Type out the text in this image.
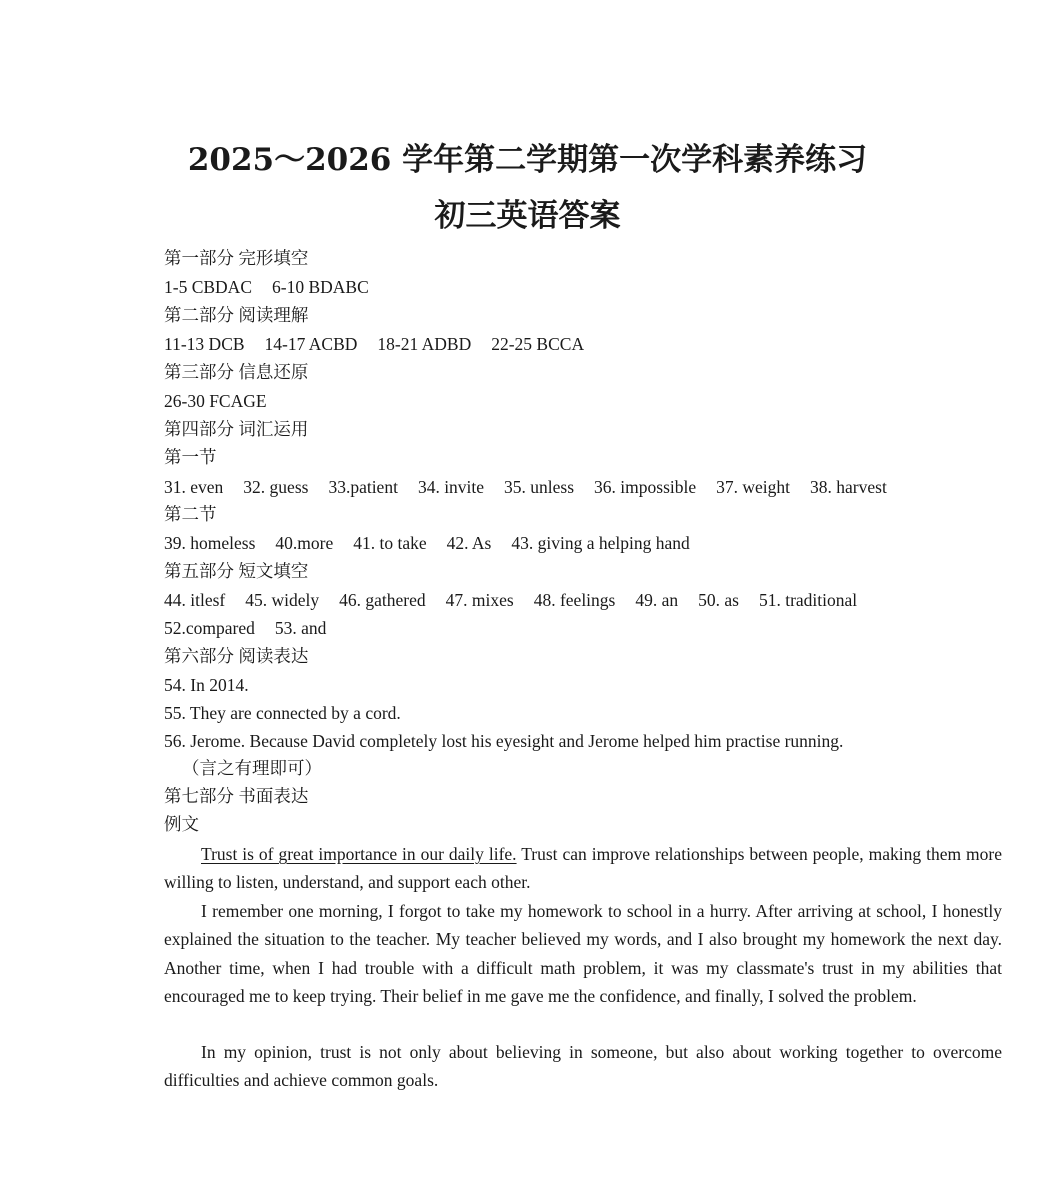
2025～2026 学年第二学期第一次学科素养练习
初三英语答案
第一部分 完形填空
1-5 CBDAC 6-10 BDABC
第二部分 阅读理解
11-13 DCB 14-17 ACBD 18-21 ADBD 22-25 BCCA
第三部分 信息还原
26-30 FCAGE
第四部分 词汇运用
第一节
31. even 32. guess 33.patient 34. invite 35. unless 36. impossible 37. weight 38. harvest
第二节
39. homeless 40.more 41. to take 42. As 43. giving a helping hand
第五部分 短文填空
44. itlesf 45. widely 46. gathered 47. mixes 48. feelings 49. an 50. as 51. traditional
52.compared 53. and
第六部分 阅读表达
54. In 2014.
55. They are connected by a cord.
56. Jerome. Because David completely lost his eyesight and Jerome helped him practise running.
（言之有理即可）
第七部分 书面表达
例文
Trust is of great importance in our daily life. Trust can improve relationships between people, making them more willing to listen, understand, and support each other.
I remember one morning, I forgot to take my homework to school in a hurry. After arriving at school, I honestly explained the situation to the teacher. My teacher believed my words, and I also brought my homework the next day. Another time, when I had trouble with a difficult math problem, it was my classmate's trust in my abilities that encouraged me to keep trying. Their belief in me gave me the confidence, and finally, I solved the problem.
In my opinion, trust is not only about believing in someone, but also about working together to overcome difficulties and achieve common goals.
